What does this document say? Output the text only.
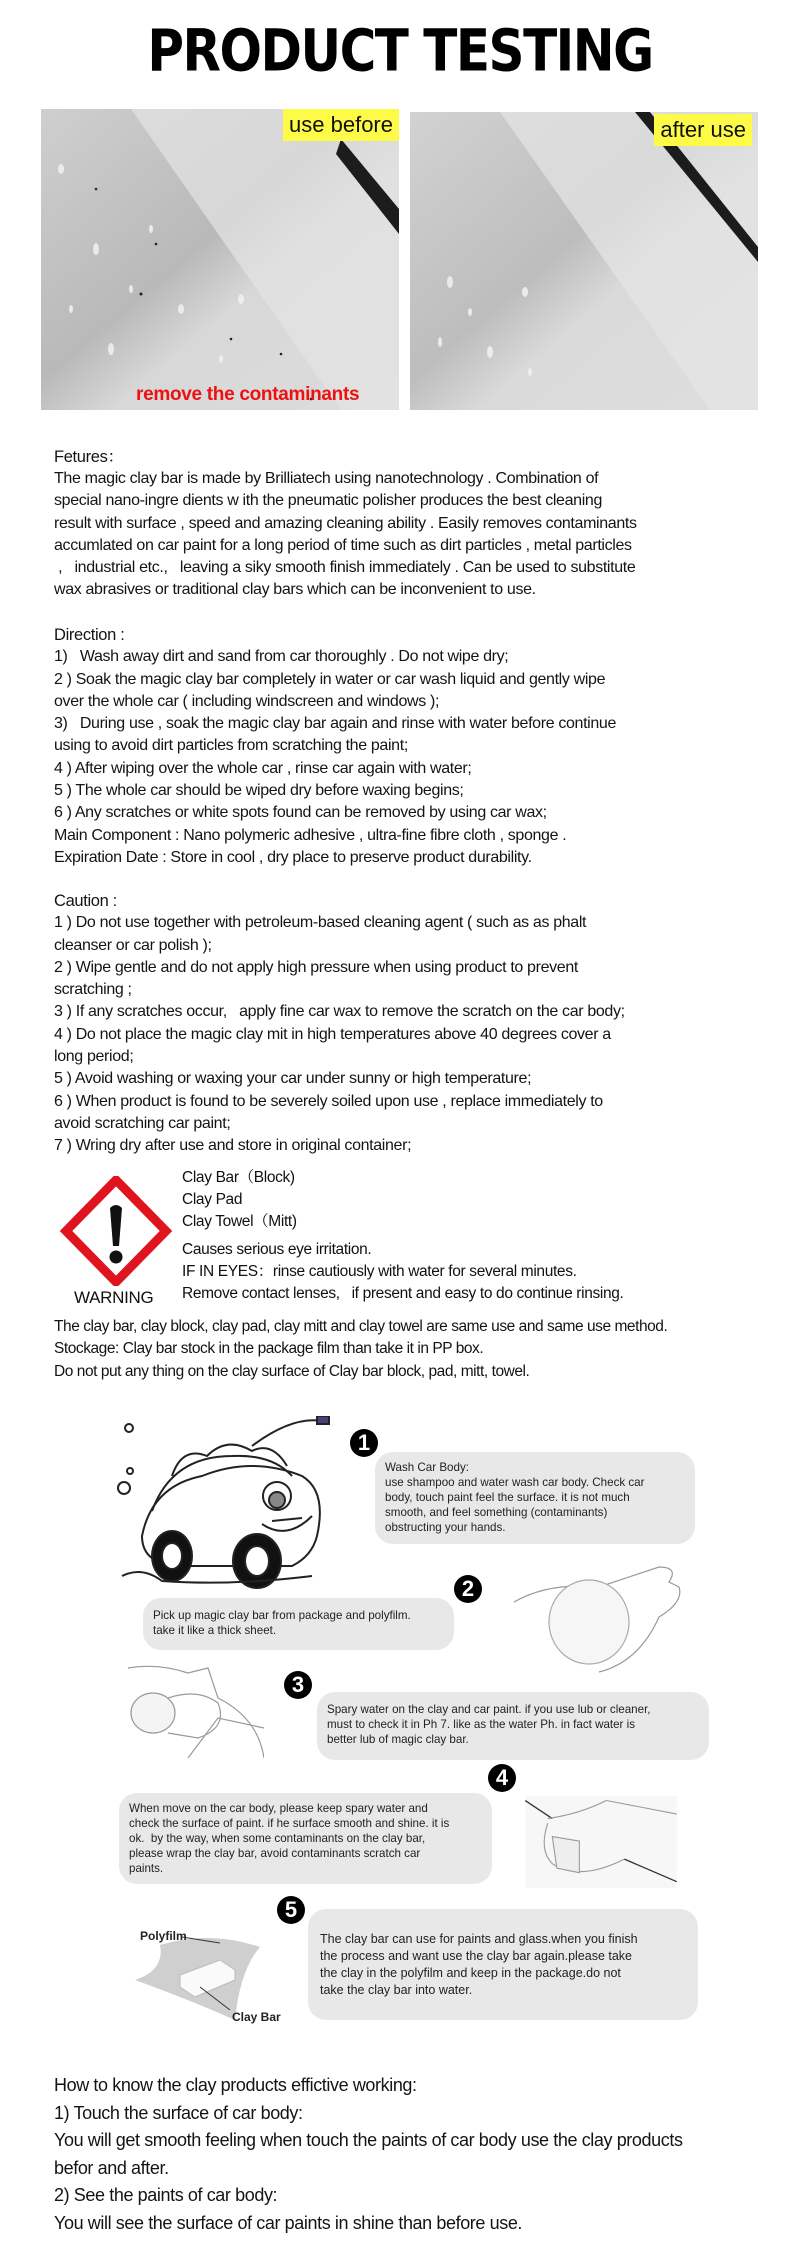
PRODUCT TESTING
use before
remove the contaminants
after use
Fetures：
The magic clay bar is made by Brilliatech using nanotechnology . Combination of
special nano-ingre dients w ith the pneumatic polisher produces the best cleaning
result with surface , speed and amazing cleaning ability . Easily removes contaminants
accumlated on car paint for a long period of time such as dirt particles , metal particles
,   industrial etc.,   leaving a siky smooth finish immediately . Can be used to substitute
wax abrasives or traditional clay bars which can be inconvenient to use.
Direction :
1)   Wash away dirt and sand from car thoroughly . Do not wipe dry;
2 ) Soak the magic clay bar completely in water or car wash liquid and gently wipe
over the whole car ( including windscreen and windows );
3)   During use , soak the magic clay bar again and rinse with water before continue
using to avoid dirt particles from scratching the paint;
4 ) After wiping over the whole car , rinse car again with water;
5 ) The whole car should be wiped dry before waxing begins;
6 ) Any scratches or white spots found can be removed by using car wax;
Main Component : Nano polymeric adhesive , ultra-fine fibre cloth , sponge .
Expiration Date : Store in cool , dry place to preserve product durability.
Caution :
1 ) Do not use together with petroleum-based cleaning agent ( such as as phalt
cleanser or car polish );
2 ) Wipe gentle and do not apply high pressure when using product to prevent
scratching ;
3 ) If any scratches occur,   apply fine car wax to remove the scratch on the car body;
4 ) Do not place the magic clay mit in high temperatures above 40 degrees cover a
long period;
5 ) Avoid washing or waxing your car under sunny or high temperature;
6 ) When product is found to be severely soiled upon use , replace immediately to
avoid scratching car paint;
7 ) Wring dry after use and store in original container;
WARNING
Clay Bar（Block)
Clay Pad
Clay Towel（Mitt)
Causes serious eye irritation.
IF IN EYES：rinse cautiously with water for several minutes.
Remove contact lenses,   if present and easy to do continue rinsing.
The clay bar, clay block, clay pad, clay mitt and clay towel are same use and same use method.
Stockage: Clay bar stock in the package film than take it in PP box.
Do not put any thing on the clay surface of Clay bar block, pad, mitt, towel.
1
Wash Car Body:
use shampoo and water wash car body. Check car
body, touch paint feel the surface. it is not much
smooth, and feel something (contaminants)
obstructing your hands.
2
Pick up magic clay bar from package and polyfilm.
take it like a thick sheet.
3
Spary water on the clay and car paint. if you use lub or cleaner,
must to check it in Ph 7. like as the water Ph. in fact water is
better lub of magic clay bar.
4
When move on the car body, please keep spary water and
check the surface of paint. if he surface smooth and shine. it is
ok.  by the way, when some contaminants on the clay bar,
please wrap the clay bar, avoid contaminants scratch car
paints.
5
Polyfilm
Clay Bar
The clay bar can use for paints and glass.when you finish
the process and want use the clay bar again.please take
the clay in the polyfilm and keep in the package.do not
take the clay bar into water.
How to know the clay products effictive working:
1) Touch the surface of car body:
You will get smooth feeling when touch the paints of car body use the clay products
befor and after.
2) See the paints of car body:
You will see the surface of car paints in shine than before use.
